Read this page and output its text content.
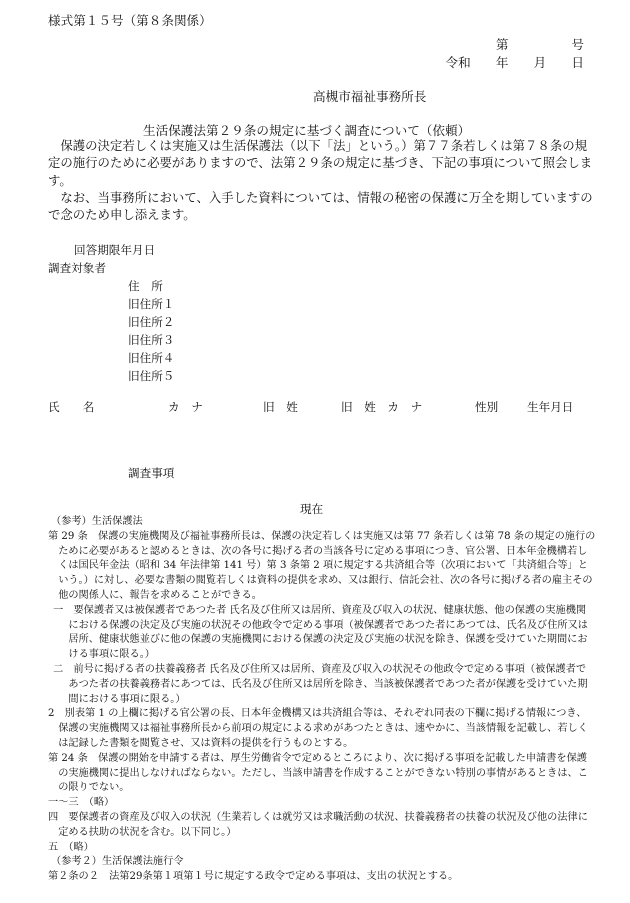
様式第１５号（第８条関係）
第　　　　　号
令和　　年　　月　　日
高槻市福祉事務所長
生活保護法第２９条の規定に基づく調査について（依頼）

保護の決定若しくは実施又は生活保護法（以下「法」という。）第７７条若しくは第７８条の規定の施行のために必要がありますので、法第２９条の規定に基づき、下記の事項について照会します。

なお、当事務所において、入手した資料については、情報の秘密の保護に万全を期していますので念のため申し添えます。

回答期限年月日
調査対象者
住　所
旧住所１
旧住所２
旧住所３
旧住所４
旧住所５
氏　　名	カ　ナ	旧　姓	旧　姓　カ　ナ	性別 生年月日
調査事項
現在

（参考）生活保護法

第 29 条　保護の実施機関及び福祉事務所長は、保護の決定若しくは実施又は第 77 条若しくは第 78 条の規定の施行のために必要があると認めるときは、次の各号に掲げる者の当該各号に定める事項につき、官公署、日本年金機構若しくは国民年金法（昭和 34 年法律第 141 号）第 3 条第 2 項に規定する共済組合等（次項において「共済組合等」という。）に対し、必要な書類の閲覧若しくは資料の提供を求め、又は銀行、信託会社、次の各号に掲げる者の雇主その他の関係人に、報告を求めることができる。

一　要保護者又は被保護者であつた者 氏名及び住所又は居所、資産及び収入の状況、健康状態、他の保護の実施機関における保護の決定及び実施の状況その他政令で定める事項（被保護者であつた者にあつては、氏名及び住所又は居所、健康状態並びに他の保護の実施機関における保護の決定及び実施の状況を除き、保護を受けていた期間における事項に限る。）

二　前号に掲げる者の扶養義務者 氏名及び住所又は居所、資産及び収入の状況その他政令で定める事項（被保護者であつた者の扶養義務者にあつては、氏名及び住所又は居所を除き、当該被保護者であつた者が保護を受けていた期間における事項に限る。）

2　別表第 1 の上欄に掲げる官公署の長、日本年金機構又は共済組合等は、それぞれ同表の下欄に掲げる情報につき、保護の実施機関又は福祉事務所長から前項の規定による求めがあつたときは、速やかに、当該情報を記載し、若しくは記録した書類を閲覧させ、又は資料の提供を行うものとする。

第 24 条　保護の開始を申請する者は、厚生労働省令で定めるところにより、次に掲げる事項を記載した申請書を保護の実施機関に提出しなければならない。ただし、当該申請書を作成することができない特別の事情があるときは、この限りでない。

一～三　（略）

四　要保護者の資産及び収入の状況（生業若しくは就労又は求職活動の状況、扶養義務者の扶養の状況及び他の法律に定める扶助の状況を含む。以下同じ。）

五　（略）

（参考２）生活保護法施行令

第２条の２　法第29条第１項第１号に規定する政令で定める事項は、支出の状況とする。
